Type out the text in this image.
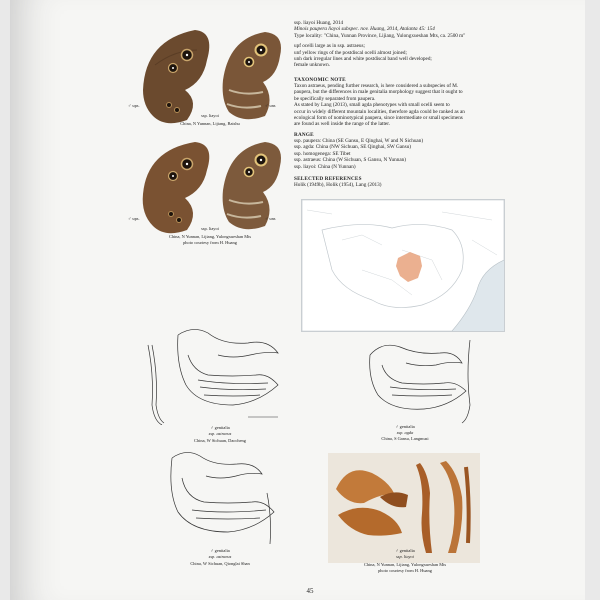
♂ ups.	♂ uns
ssp. liayoi
China, N Yunnan, Lijiang, Baishu
♂ ups.	♂ uns
ssp. liayoi
China, N Yunnan, Lijiang, Yulongxueshan Mts
photo courtesy from H. Huang
ssp. liayoi Huang, 2014
Minois paupera liayoi subspec. nov. Huang, 2014, Atalanta 45: 154
Type locality: "China, Yunnan Province, Lijiang, Yulongxueshan Mts, ca. 2500 m"
upf ocelli large as in ssp. astraeus;
unf yellow rings of the postdiscal ocelli almost joined;
unh dark irregular lines and white postdiscal band well developed;
female unknown.
TAXONOMIC NOTE
Taxon astraeus, pending further research, is here considered a subspecies of M.
paupera, but the differences in male genitalia morphology suggest that it ought to
be specifically separated from paupera.
As stated by Lang (2013), small agda phenotypes with small ocelli seem to
occur in widely different mountain localities, therefore agda could be ranked as an
ecological form of nominotypical paupera, since intermediate or small specimens
are found as well inside the range of the latter.
RANGE
ssp. paupera: China (SE Gansu, E Qinghai, W and N Sichuan)
ssp. agda: China (NW Sichuan, SE Qinghai, SW Gansu)
ssp. homogenega: SE Tibet
ssp. astraeus: China (W Sichuan, S Gansu, N Yunnan)
ssp. liayoi: China (N Yunnan)
SELECTED REFERENCES
Holik (1949b), Holik (1954), Lang (2013)
♂ genitalia
ssp. astraeus
China, W Sichuan, Daocheng
♂ genitalia
ssp. agda
China, S Gansu, Langmusi
♂ genitalia
ssp. astraeus
China, W Sichuan, Qionglai Shan
♂ genitalia
ssp. liayoi
China, N Yunnan, Lijiang, Yulongxueshan Mts
photo courtesy from H. Huang
45
